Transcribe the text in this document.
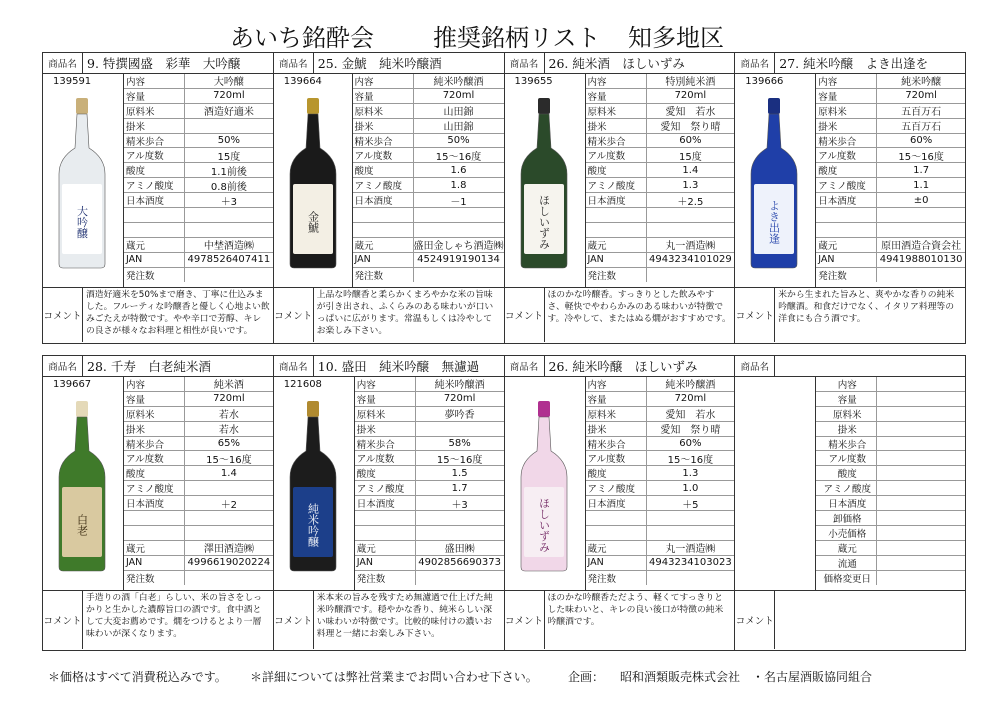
あいち銘酔会 推奨銘柄リスト 知多地区
商品名 9. 特撰國盛　彩華　大吟醸
139591
大吟醸
内容	大吟醸
容量	720ml
原料米	酒造好適米
掛米
精米歩合	50%
アル度数	15度
酸度	1.1前後
アミノ酸度	0.8前後
日本酒度	＋3
蔵元	中埜酒造㈱
JAN	4978526407411
発注数
コメント
酒造好適米を50%まで磨き、丁寧に仕込みました。フルーティな吟醸香と優しく心地よい飲みごたえが特徴です。やや辛口で芳醇、キレの良さが様々なお料理と相性が良いです。
商品名 25. 金鯱　純米吟醸酒
139664
金鯱
内容	純米吟醸酒
容量	720ml
原料米	山田錦
掛米	山田錦
精米歩合	50%
アル度数	15～16度
酸度	1.6
アミノ酸度	1.8
日本酒度	－1
蔵元	盛田金しゃち酒造㈱
JAN	4524919190134
発注数
コメント
上品な吟醸香と柔らかくまろやかな米の旨味が引き出され、ふくらみのある味わいが口いっぱいに広がります。常温もしくは冷やしてお楽しみ下さい。
商品名 26. 純米酒　ほしいずみ
139655
ほしいずみ
内容	特別純米酒
容量	720ml
原料米	愛知　若水
掛米	愛知　祭り晴
精米歩合	60%
アル度数	15度
酸度	1.4
アミノ酸度	1.3
日本酒度	＋2.5
蔵元	丸一酒造㈱
JAN	4943234101029
発注数
コメント
ほのかな吟醸香。すっきりとした飲みやすさ、軽快でやわらかみのある味わいが特徴です。冷やして、またはぬる燗がおすすめです。
商品名 27. 純米吟醸　よき出逢を
139666
よき出逢
内容	純米吟醸
容量	720ml
原料米	五百万石
掛米	五百万石
精米歩合	60%
アル度数	15～16度
酸度	1.7
アミノ酸度	1.1
日本酒度	±0
蔵元	原田酒造合資会社
JAN	4941988010130
発注数
コメント
米から生まれた旨みと、爽やかな香りの純米吟醸酒。和食だけでなく、イタリア料理等の洋食にも合う酒です。
商品名 28. 千寿　白老純米酒
139667
白老
内容	純米酒
容量	720ml
原料米	若水
掛米	若水
精米歩合	65%
アル度数	15～16度
酸度	1.4
アミノ酸度
日本酒度	＋2
蔵元	澤田酒造㈱
JAN	4996619020224
発注数
コメント
手造りの酒「白老」らしい、米の旨さをしっかりと生かした濃醇旨口の酒です。食中酒として大変お薦めです。燗をつけるとより一層味わいが深くなります。
商品名 10. 盛田　純米吟醸　無濾過
121608
純米吟醸
内容	純米吟醸酒
容量	720ml
原料米	夢吟香
掛米
精米歩合	58%
アル度数	15～16度
酸度	1.5
アミノ酸度	1.7
日本酒度	＋3
蔵元	盛田㈱
JAN	4902856690373
発注数
コメント
米本来の旨みを残すため無濾過で仕上げた純米吟醸酒です。穏やかな香り、純米らしい深い味わいが特徴です。比較的味付けの濃いお料理と一緒にお楽しみ下さい。
商品名 26. 純米吟醸　ほしいずみ
ほしいずみ
内容	純米吟醸酒
容量	720ml
原料米	愛知　若水
掛米	愛知　祭り晴
精米歩合	60%
アル度数	15～16度
酸度	1.3
アミノ酸度	1.0
日本酒度	＋5
蔵元	丸一酒造㈱
JAN	4943234103023
発注数
コメント
ほのかな吟醸香ただよう、軽くてすっきりとした味わいと、キレの良い後口が特徴の純米吟醸酒です。
商品名
内容
容量
原料米
掛米
精米歩合
アル度数
酸度
アミノ酸度
日本酒度
卸価格
小売価格
蔵元
流通
価格変更日
コメント
＊価格はすべて消費税込みです。 ＊詳細については弊社営業までお問い合わせ下さい。	企画： 昭和酒類販売株式会社　・名古屋酒販協同組合
